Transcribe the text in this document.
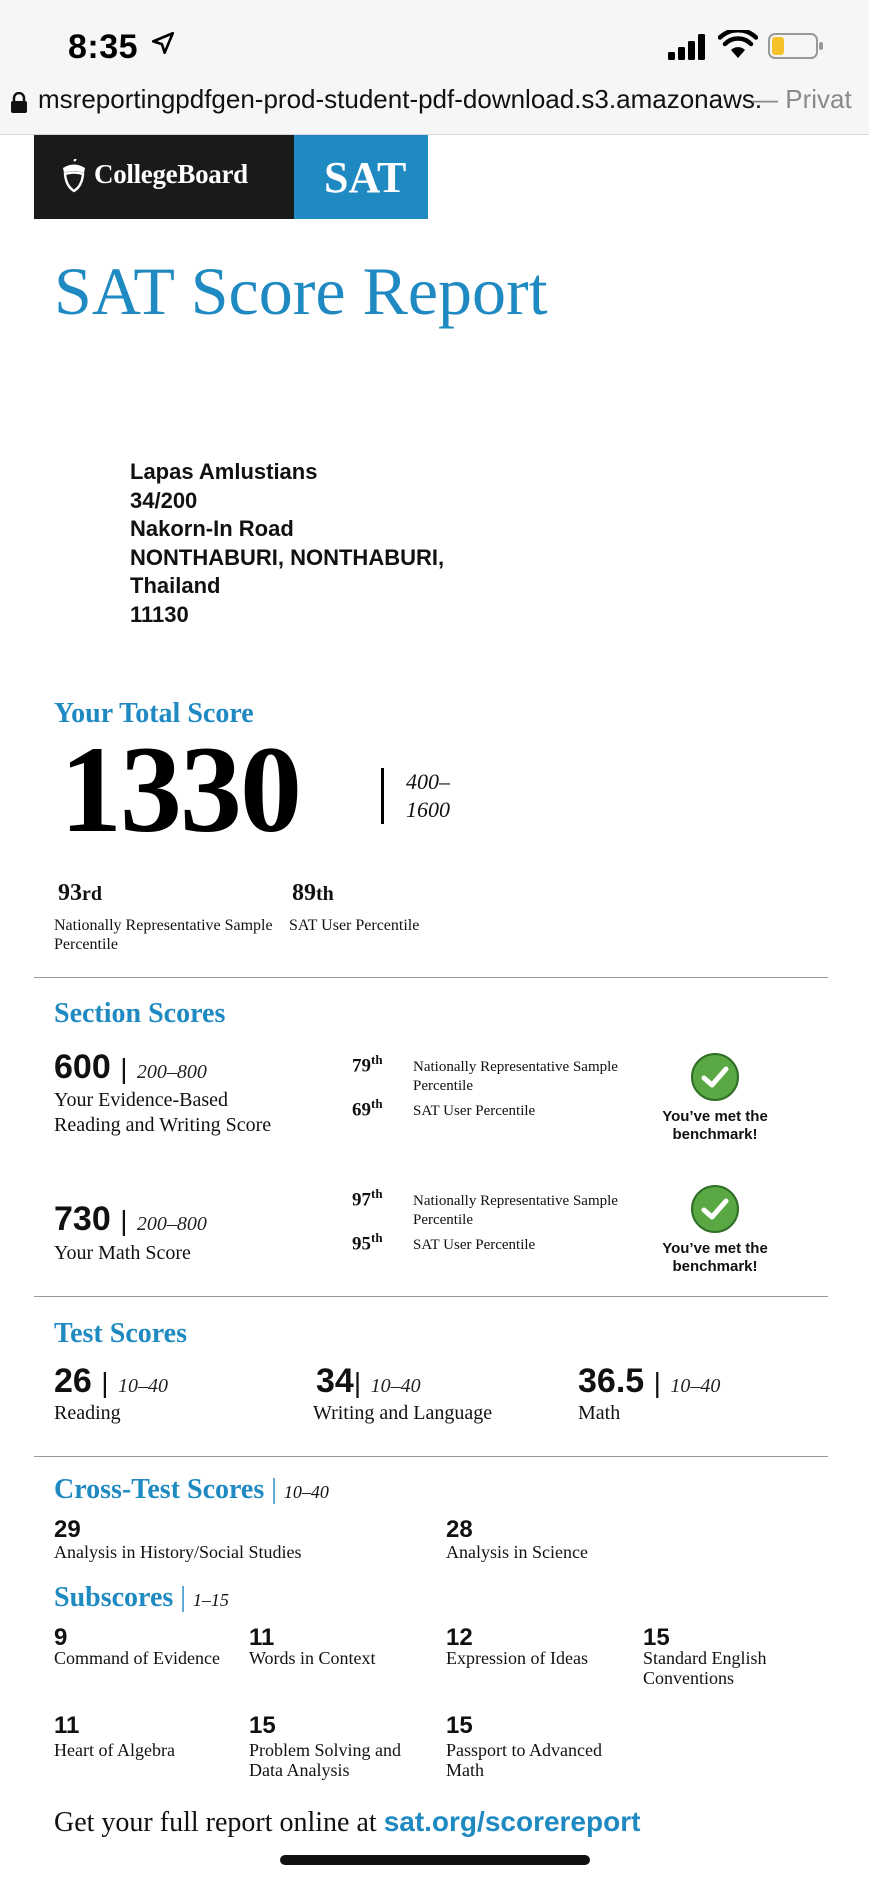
8:35
msreportingpdfgen-prod-student-pdf-download.s3.amazonaws.
— Privat
CollegeBoard SAT
SAT Score Report
Lapas Amlustians
34/200
Nakorn-In Road
NONTHABURI, NONTHABURI,
Thailand
11130
Your Total Score
1330	400–
1600
93rd
Nationally Representative Sample Percentile
89th
SAT User Percentile
Section Scores
600 | 200–800
Your Evidence-Based Reading and Writing Score
79th Nationally Representative Sample Percentile
69th SAT User Percentile	You’ve met the benchmark!
730 | 200–800
Your Math Score
97th Nationally Representative Sample Percentile
95th SAT User Percentile	You’ve met the benchmark!
Test Scores
26 | 10–40
Reading
34| 10–40
Writing and Language
36.5 | 10–40
Math
Cross-Test Scores | 10–40
29
Analysis in History/Social Studies
28
Analysis in Science
Subscores | 1–15
9
Command of Evidence
11
Words in Context
12
Expression of Ideas
15
Standard English Conventions
11
Heart of Algebra
15
Problem Solving and Data Analysis
15
Passport to Advanced Math
Get your full report online at sat.org/scorereport
